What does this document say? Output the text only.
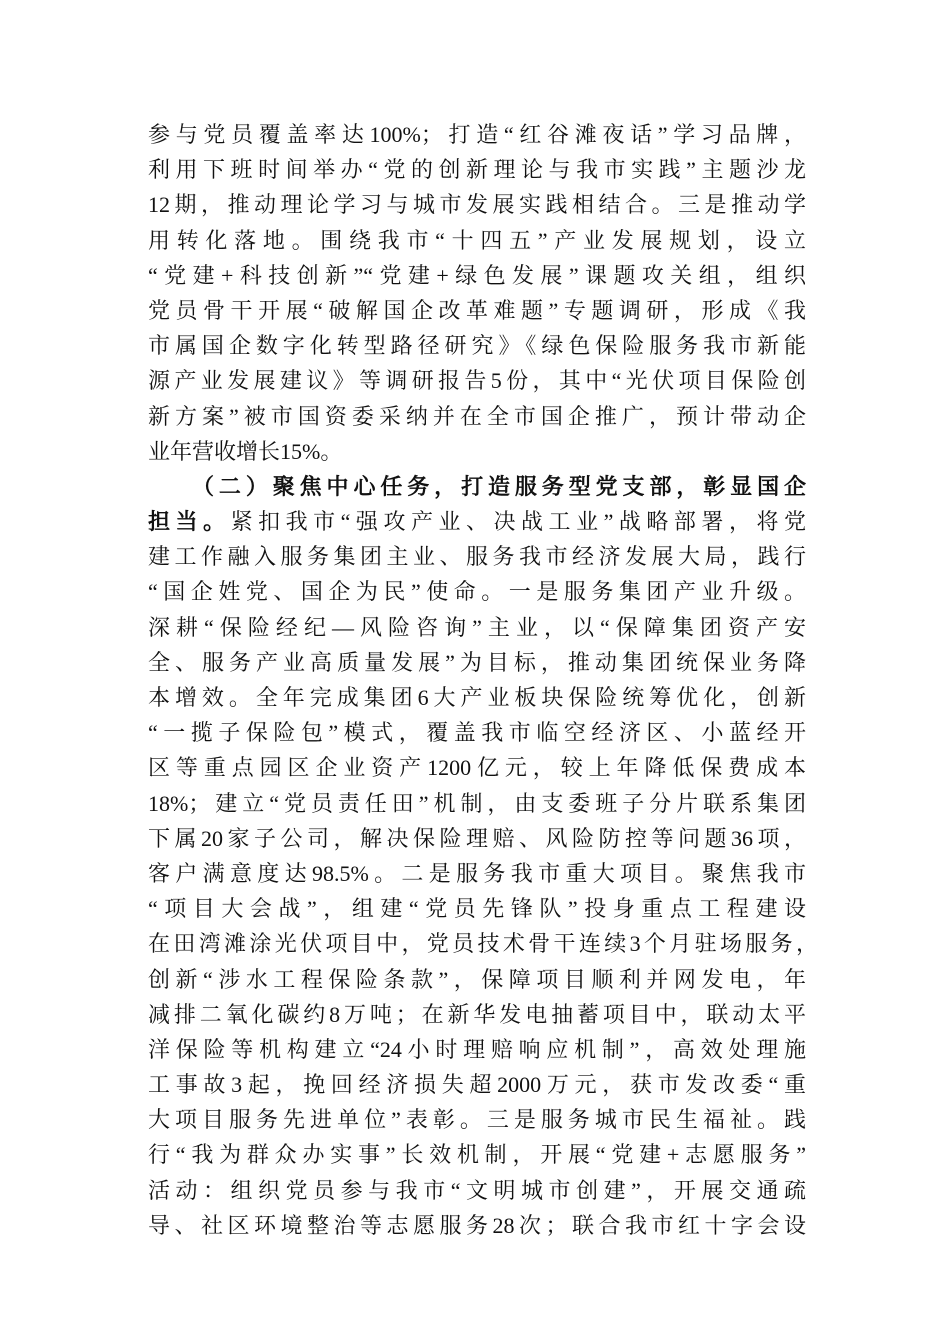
参与党员覆盖率达100%；打造“红谷滩夜话”学习品牌，
利用下班时间举办“党的创新理论与我市实践”主题沙龙
12期，推动理论学习与城市发展实践相结合。三是推动学
用转化落地。围绕我市“十四五”产业发展规划，设立
“党建+科技创新”“党建+绿色发展”课题攻关组，组织
党员骨干开展“破解国企改革难题”专题调研，形成《我
市属国企数字化转型路径研究》《绿色保险服务我市新能
源产业发展建议》等调研报告5份，其中“光伏项目保险创
新方案”被市国资委采纳并在全市国企推广，预计带动企
业年营收增长15%。
（二）聚焦中心任务，打造服务型党支部，彰显国企
担当。紧扣我市“强攻产业、决战工业”战略部署，将党
建工作融入服务集团主业、服务我市经济发展大局，践行
“国企姓党、国企为民”使命。一是服务集团产业升级。
深耕“保险经纪—风险咨询”主业，以“保障集团资产安
全、服务产业高质量发展”为目标，推动集团统保业务降
本增效。全年完成集团6大产业板块保险统筹优化，创新
“一揽子保险包”模式，覆盖我市临空经济区、小蓝经开
区等重点园区企业资产1200亿元，较上年降低保费成本
18%；建立“党员责任田”机制，由支委班子分片联系集团
下属20家子公司，解决保险理赔、风险防控等问题36项，
客户满意度达98.5%。二是服务我市重大项目。聚焦我市
“项目大会战”，组建“党员先锋队”投身重点工程建设
在田湾滩涂光伏项目中，党员技术骨干连续3个月驻场服务，
创新“涉水工程保险条款”，保障项目顺利并网发电，年
减排二氧化碳约8万吨；在新华发电抽蓄项目中，联动太平
洋保险等机构建立“24小时理赔响应机制”，高效处理施
工事故3起，挽回经济损失超2000万元，获市发改委“重
大项目服务先进单位”表彰。三是服务城市民生福祉。践
行“我为群众办实事”长效机制，开展“党建+志愿服务”
活动：组织党员参与我市“文明城市创建”，开展交通疏
导、社区环境整治等志愿服务28次；联合我市红十字会设
